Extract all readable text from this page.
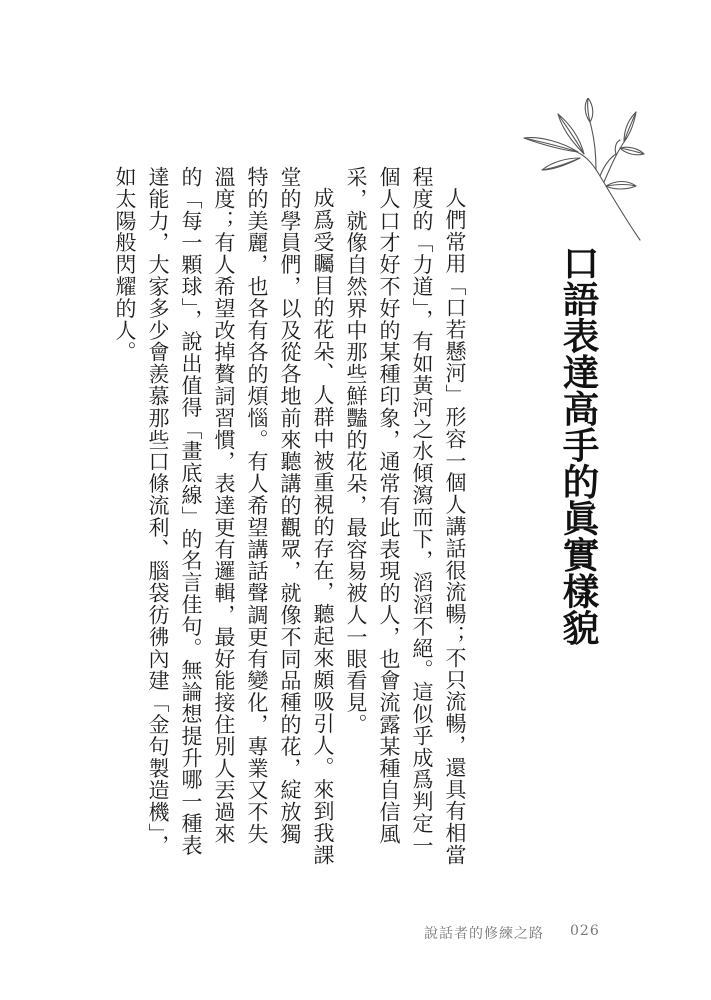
口語表達高手的眞實樣貌

人們常用「口若懸河」形容一個人講話很流暢；不只流暢，還具有相當程度的「力道」，有如黃河之水傾瀉而下，滔滔不絕。這似乎成爲判定一個人口才好不好的某種印象，通常有此表現的人，也會流露某種自信風采，就像自然界中那些鮮豔的花朵，最容易被人一眼看見。

成爲受矚目的花朵、人群中被重視的存在，聽起來頗吸引人。來到我課堂的學員們，以及從各地前來聽講的觀眾，就像不同品種的花，綻放獨特的美麗，也各有各的煩惱。有人希望講話聲調更有變化，專業又不失溫度；有人希望改掉贅詞習慣，表達更有邏輯，最好能接住別人丟過來的「每一顆球」，說出值得「畫底線」的名言佳句。無論想提升哪一種表達能力，大家多少會羨慕那些口條流利、腦袋彷彿內建「金句製造機」，如太陽般閃耀的人。

說話者的修練之路 026
